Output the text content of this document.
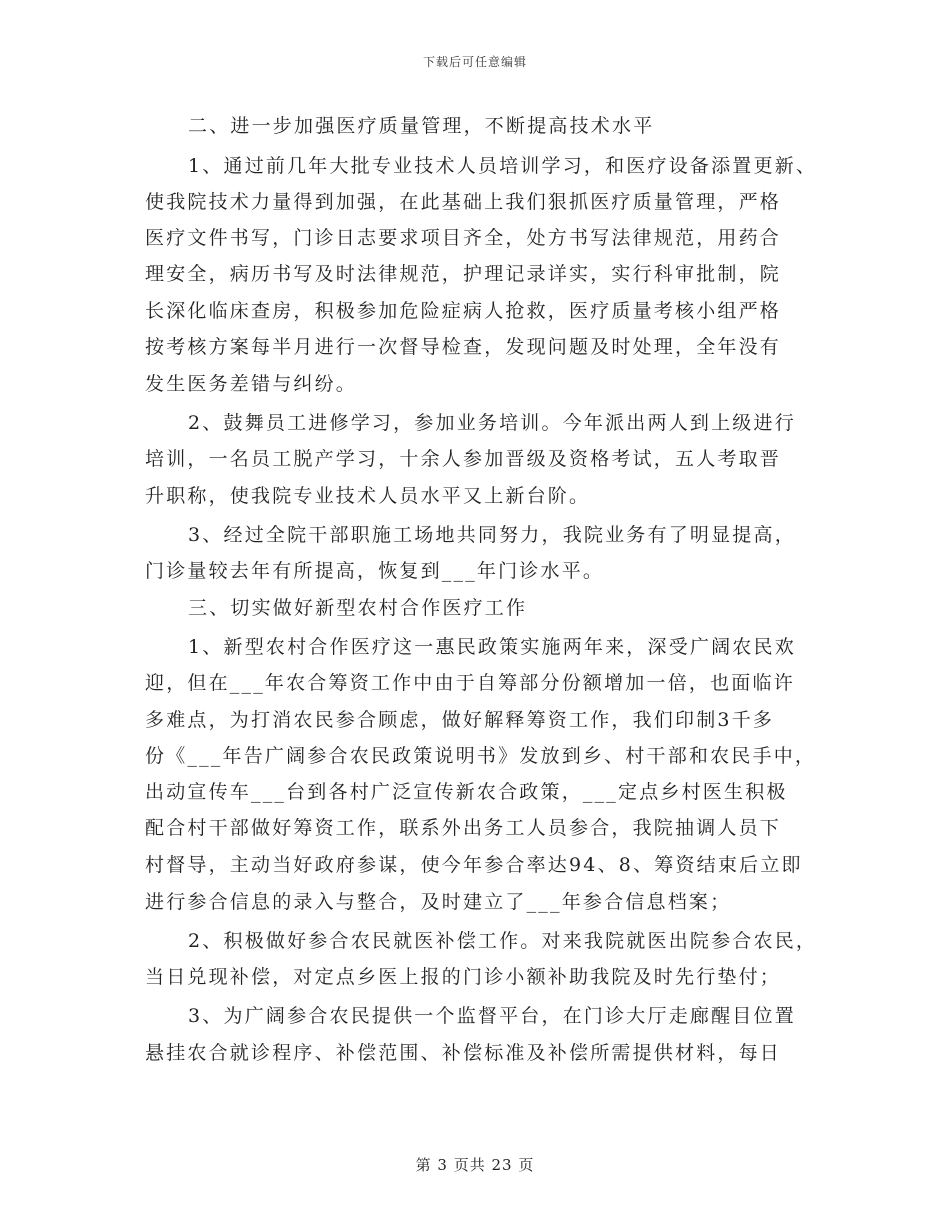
下载后可任意编辑
二、进一步加强医疗质量管理，不断提高技术水平
1、通过前几年大批专业技术人员培训学习，和医疗设备添置更新、
使我院技术力量得到加强，在此基础上我们狠抓医疗质量管理，严格
医疗文件书写，门诊日志要求项目齐全，处方书写法律规范，用药合
理安全，病历书写及时法律规范，护理记录详实，实行科审批制，院
长深化临床查房，积极参加危险症病人抢救，医疗质量考核小组严格
按考核方案每半月进行一次督导检查，发现问题及时处理，全年没有
发生医务差错与纠纷。
2、鼓舞员工进修学习，参加业务培训。今年派出两人到上级进行
培训，一名员工脱产学习，十余人参加晋级及资格考试，五人考取晋
升职称，使我院专业技术人员水平又上新台阶。
3、经过全院干部职施工场地共同努力，我院业务有了明显提高，
门诊量较去年有所提高，恢复到___年门诊水平。
三、切实做好新型农村合作医疗工作
1、新型农村合作医疗这一惠民政策实施两年来，深受广阔农民欢
迎，但在___年农合筹资工作中由于自筹部分份额增加一倍，也面临许
多难点，为打消农民参合顾虑，做好解释筹资工作，我们印制3千多
份《___年告广阔参合农民政策说明书》发放到乡、村干部和农民手中，
出动宣传车___台到各村广泛宣传新农合政策，___定点乡村医生积极
配合村干部做好筹资工作，联系外出务工人员参合，我院抽调人员下
村督导，主动当好政府参谋，使今年参合率达94、8、筹资结束后立即
进行参合信息的录入与整合，及时建立了___年参合信息档案；
2、积极做好参合农民就医补偿工作。对来我院就医出院参合农民，
当日兑现补偿，对定点乡医上报的门诊小额补助我院及时先行垫付；
3、为广阔参合农民提供一个监督平台，在门诊大厅走廊醒目位置
悬挂农合就诊程序、补偿范围、补偿标准及补偿所需提供材料，每日
第 3 页共 23 页
